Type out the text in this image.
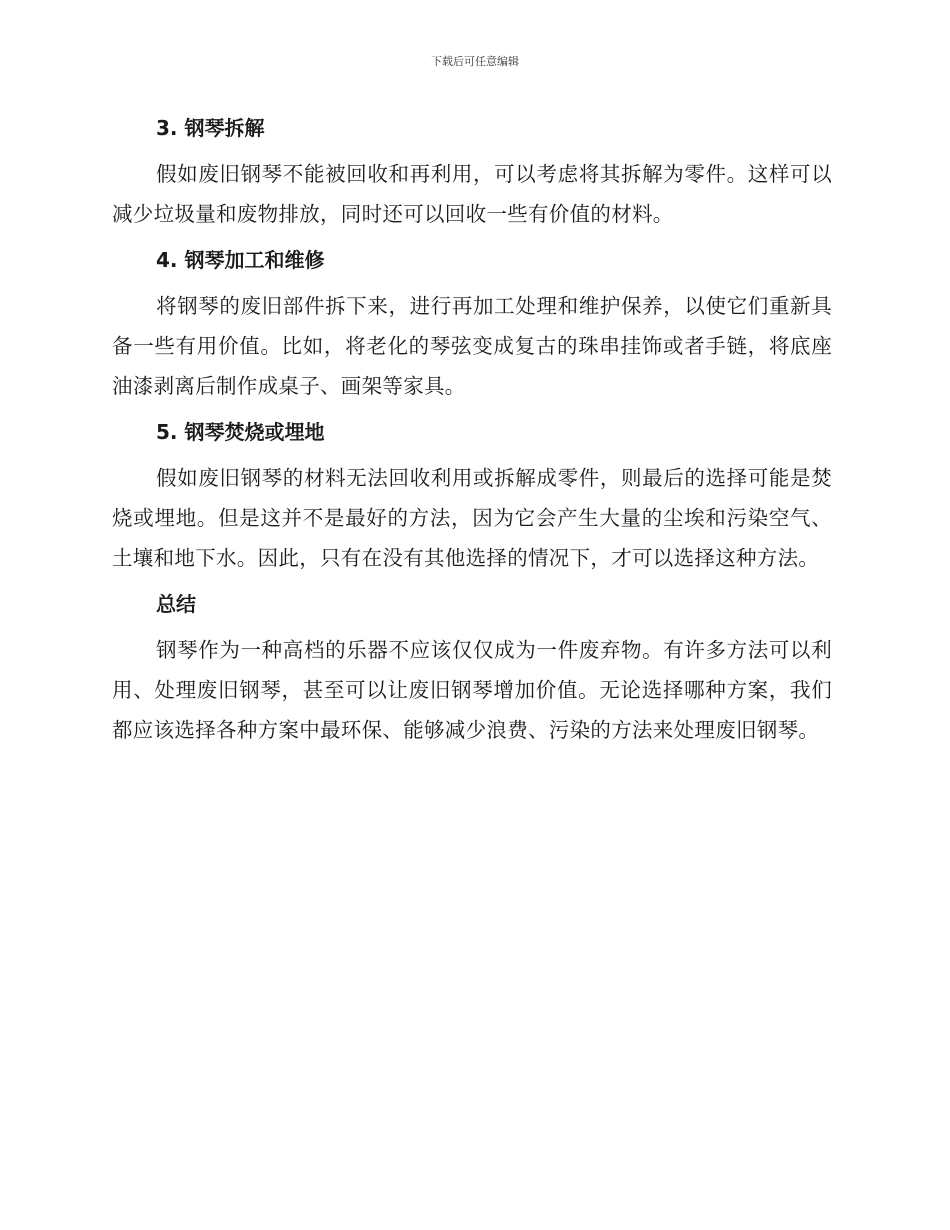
下载后可任意编辑
3. 钢琴拆解

假如废旧钢琴不能被回收和再利用，可以考虑将其拆解为零件。这样可以减少垃圾量和废物排放，同时还可以回收一些有价值的材料。

4. 钢琴加工和维修

将钢琴的废旧部件拆下来，进行再加工处理和维护保养，以使它们重新具备一些有用价值。比如，将老化的琴弦变成复古的珠串挂饰或者手链，将底座油漆剥离后制作成桌子、画架等家具。

5. 钢琴焚烧或埋地

假如废旧钢琴的材料无法回收利用或拆解成零件，则最后的选择可能是焚烧或埋地。但是这并不是最好的方法，因为它会产生大量的尘埃和污染空气、土壤和地下水。因此，只有在没有其他选择的情况下，才可以选择这种方法。

总结

钢琴作为一种高档的乐器不应该仅仅成为一件废弃物。有许多方法可以利用、处理废旧钢琴，甚至可以让废旧钢琴增加价值。无论选择哪种方案，我们都应该选择各种方案中最环保、能够减少浪费、污染的方法来处理废旧钢琴。
